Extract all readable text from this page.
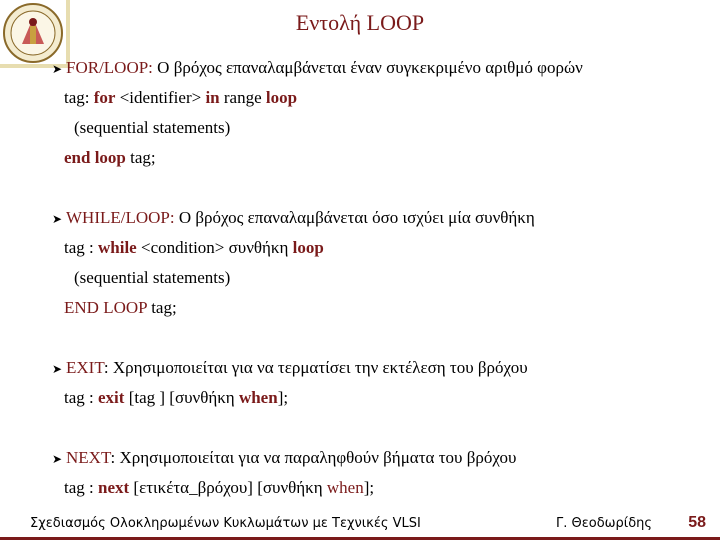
Εντολή LOOP
➤ FOR/LOOP: Ο βρόχος επαναλαμβάνεται έναν συγκεκριμένο αριθμό φορών
tag: for <identifier> in range loop
(sequential statements)
end loop tag;
➤ WHILE/LOOP: Ο βρόχος επαναλαμβάνεται όσο ισχύει μία συνθήκη
tag : while <condition> συνθήκη loop
(sequential statements)
END LOOP tag;
➤ EXIT: Χρησιμοποιείται για να τερματίσει την εκτέλεση του βρόχου
tag : exit [tag ] [συνθήκη when];
➤ NEXT: Χρησιμοποιείται για να παραληφθούν βήματα του βρόχου
tag : next [ετικέτα_βρόχου] [συνθήκη when];
Σχεδιασμός Ολοκληρωμένων Κυκλωμάτων με Τεχνικές VLSI	Γ. Θεοδωρίδης 58
